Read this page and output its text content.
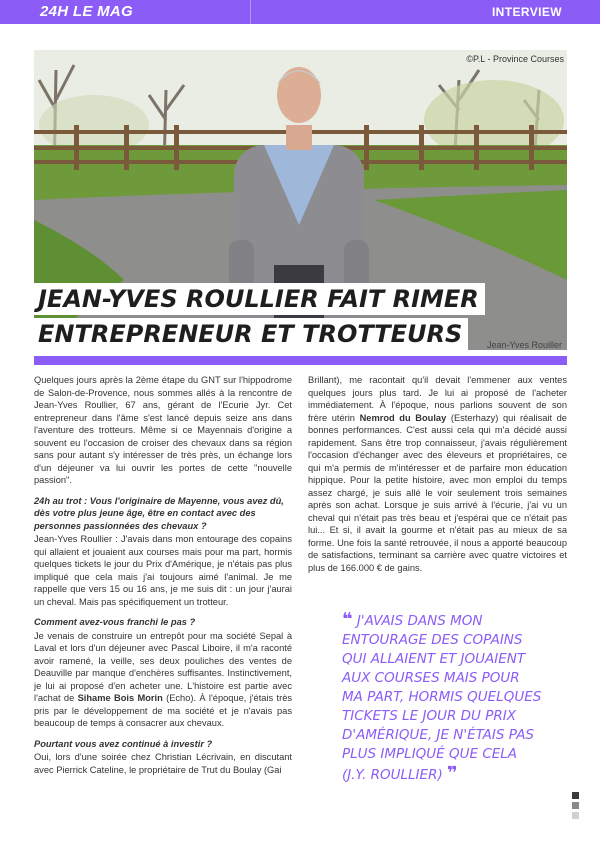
24H LE MAG	INTERVIEW
©P.L - Province Courses
Jean-Yves Rouiller
JEAN-YVES ROULLIER FAIT RIMER
ENTREPRENEUR ET TROTTEURS

Quelques jours après la 2ème étape du GNT sur l'hippodrome de Salon-de-Provence, nous sommes allés à la rencontre de Jean-Yves Roullier, 67 ans, gérant de l'Ecurie Jyr. Cet entrepreneur dans l'âme s'est lancé depuis seize ans dans l'aventure des trotteurs. Même si ce Mayennais d'origine a souvent eu l'occasion de croiser des chevaux dans sa région sans pour autant s'y intéresser de très près, un échange lors d'un déjeuner va lui ouvrir les portes de cette "nouvelle passion".

24h au trot : Vous l'originaire de Mayenne, vous avez dû, dès votre plus jeune âge, être en contact avec des personnes passionnées des chevaux ?

Jean-Yves Roullier : J'avais dans mon entourage des copains qui allaient et jouaient aux courses mais pour ma part, hormis quelques tickets le jour du Prix d'Amérique, je n'étais pas plus impliqué que cela mais j'ai toujours aimé l'animal. Je me rappelle que vers 15 ou 16 ans, je me suis dit : un jour j'aurai un cheval. Mais pas spécifiquement un trotteur.

Comment avez-vous franchi le pas ?

Je venais de construire un entrepôt pour ma société Sepal à Laval et lors d'un déjeuner avec Pascal Liboire, il m'a raconté avoir ramené, la veille, ses deux pouliches des ventes de Deauville par manque d'enchères suffisantes. Instinctivement, je lui ai proposé d'en acheter une. L'histoire est partie avec l'achat de Sihame Bois Morin (Echo). À l'époque, j'étais très pris par le développement de ma société et je n'avais pas beaucoup de temps à consacrer aux chevaux.

Pourtant vous avez continué à investir ?

Oui, lors d'une soirée chez Christian Lécrivain, en discutant avec Pierrick Cateline, le propriétaire de Trut du Boulay (Gai

Brillant), me racontait qu'il devait l'emmener aux ventes quelques jours plus tard. Je lui ai proposé de l'acheter immédiatement. À l'époque, nous parlions souvent de son frère utérin Nemrod du Boulay (Esterhazy) qui réalisait de bonnes performances. C'est aussi cela qui m'a décidé aussi rapidement. Sans être trop connaisseur, j'avais régulièrement l'occasion d'échanger avec des éleveurs et propriétaires, ce qui m'a permis de m'intéresser et de parfaire mon éducation hippique. Pour la petite histoire, avec mon emploi du temps assez chargé, je suis allé le voir seulement trois semaines après son achat. Lorsque je suis arrivé à l'écurie, j'ai vu un cheval qui n'était pas très beau et j'espérai que ce n'était pas lui... Et si, il avait la gourme et n'était pas au mieux de sa forme. Une fois la santé retrouvée, il nous a apporté beaucoup de satisfactions, terminant sa carrière avec quatre victoires et plus de 166.000 € de gains.

❝ J'AVAIS DANS MON ENTOURAGE DES COPAINS QUI ALLAIENT ET JOUAIENT AUX COURSES MAIS POUR MA PART, HORMIS QUELQUES TICKETS LE JOUR DU PRIX D'AMÉRIQUE, JE N'ÉTAIS PAS PLUS IMPLIQUÉ QUE CELA (J.Y. ROULLIER) ❞
